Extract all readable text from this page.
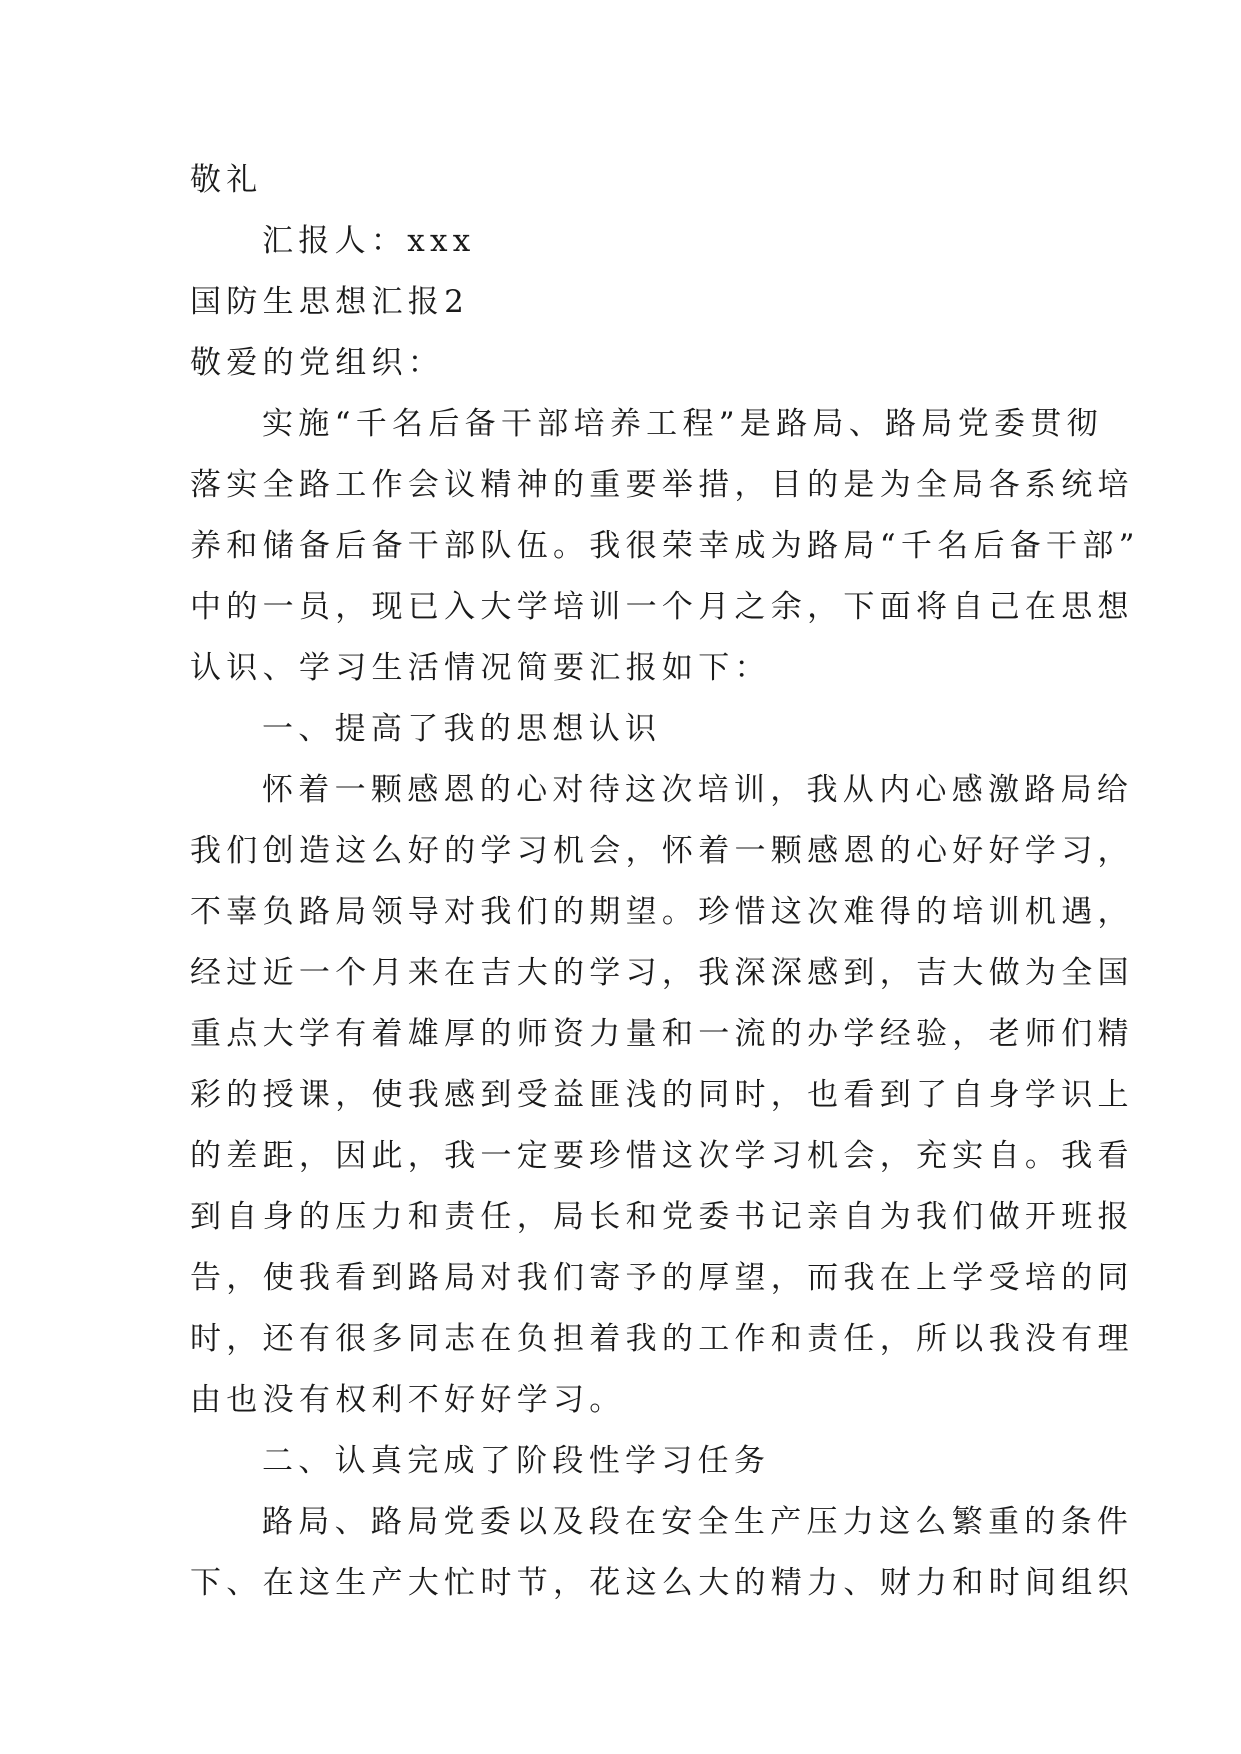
敬礼
汇报人：xxx
国防生思想汇报2
敬爱的党组织：
实施“千名后备干部培养工程”是路局、路局党委贯彻
落实全路工作会议精神的重要举措，目的是为全局各系统培
养和储备后备干部队伍。我很荣幸成为路局“千名后备干部”
中的一员，现已入大学培训一个月之余，下面将自己在思想
认识、学习生活情况简要汇报如下：
一、提高了我的思想认识
怀着一颗感恩的心对待这次培训，我从内心感激路局给
我们创造这么好的学习机会，怀着一颗感恩的心好好学习，
不辜负路局领导对我们的期望。珍惜这次难得的培训机遇，
经过近一个月来在吉大的学习，我深深感到，吉大做为全国
重点大学有着雄厚的师资力量和一流的办学经验，老师们精
彩的授课，使我感到受益匪浅的同时，也看到了自身学识上
的差距，因此，我一定要珍惜这次学习机会，充实自。我看
到自身的压力和责任，局长和党委书记亲自为我们做开班报
告，使我看到路局对我们寄予的厚望，而我在上学受培的同
时，还有很多同志在负担着我的工作和责任，所以我没有理
由也没有权利不好好学习。
二、认真完成了阶段性学习任务
路局、路局党委以及段在安全生产压力这么繁重的条件
下、在这生产大忙时节，花这么大的精力、财力和时间组织
